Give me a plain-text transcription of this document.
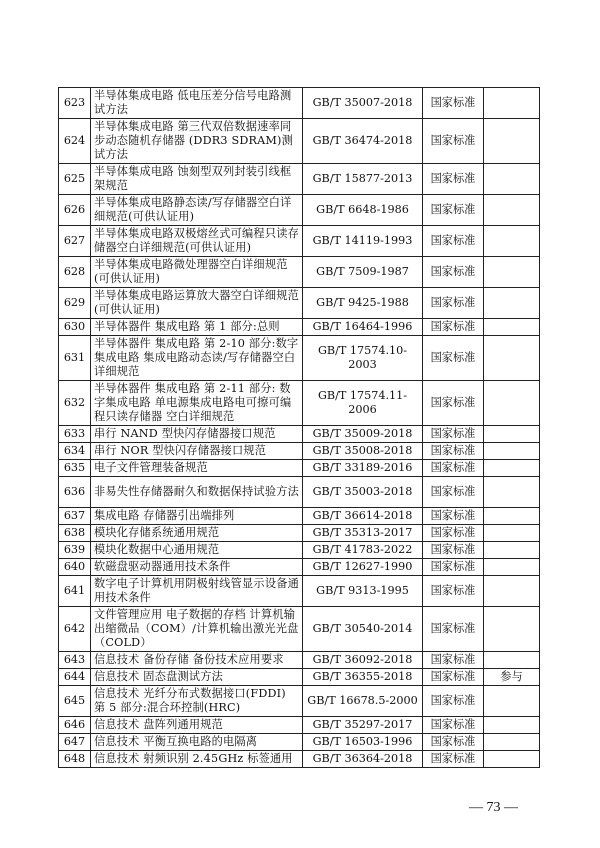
623	半导体集成电路 低电压差分信号电路测试方法	GB/T 35007-2018	国家标准	
624	半导体集成电路 第三代双倍数据速率同步动态随机存储器 (DDR3 SDRAM)测试方法	GB/T 36474-2018	国家标准	
625	半导体集成电路 蚀刻型双列封装引线框架规范	GB/T 15877-2013	国家标准	
626	半导体集成电路静态读/写存储器空白详细规范(可供认证用)	GB/T 6648-1986	国家标准	
627	半导体集成电路双极熔丝式可编程只读存储器空白详细规范(可供认证用)	GB/T 14119-1993	国家标准	
628	半导体集成电路微处理器空白详细规范(可供认证用)	GB/T 7509-1987	国家标准	
629	半导体集成电路运算放大器空白详细规范(可供认证用)	GB/T 9425-1988	国家标准	
630	半导体器件 集成电路 第 1 部分:总则	GB/T 16464-1996	国家标准	
631	半导体器件 集成电路 第 2-10 部分:数字集成电路 集成电路动态读/写存储器空白详细规范	GB/T 17574.10-2003	国家标准	
632	半导体器件 集成电路 第 2-11 部分: 数字集成电路 单电源集成电路电可擦可编程只读存储器 空白详细规范	GB/T 17574.11-2006	国家标准	
633	串行 NAND 型快闪存储器接口规范	GB/T 35009-2018	国家标准	
634	串行 NOR 型快闪存储器接口规范	GB/T 35008-2018	国家标准	
635	电子文件管理装备规范	GB/T 33189-2016	国家标准	
636	非易失性存储器耐久和数据保持试验方法	GB/T 35003-2018	国家标准	
637	集成电路 存储器引出端排列	GB/T 36614-2018	国家标准	
638	模块化存储系统通用规范	GB/T 35313-2017	国家标准	
639	模块化数据中心通用规范	GB/T 41783-2022	国家标准	
640	软磁盘驱动器通用技术条件	GB/T 12627-1990	国家标准	
641	数字电子计算机用阴极射线管显示设备通用技术条件	GB/T 9313-1995	国家标准	
642	文件管理应用 电子数据的存档 计算机输出缩微品（COM）/计算机输出激光光盘（COLD）	GB/T 30540-2014	国家标准	
643	信息技术 备份存储 备份技术应用要求	GB/T 36092-2018	国家标准	
644	信息技术 固态盘测试方法	GB/T 36355-2018	国家标准	参与
645	信息技术 光纤分布式数据接口(FDDI) 第 5 部分:混合环控制(HRC)	GB/T 16678.5-2000	国家标准	
646	信息技术 盘阵列通用规范	GB/T 35297-2017	国家标准	
647	信息技术 平衡互换电路的电隔离	GB/T 16503-1996	国家标准	
648	信息技术 射频识别 2.45GHz 标签通用	GB/T 36364-2018	国家标准	
— 73 —
